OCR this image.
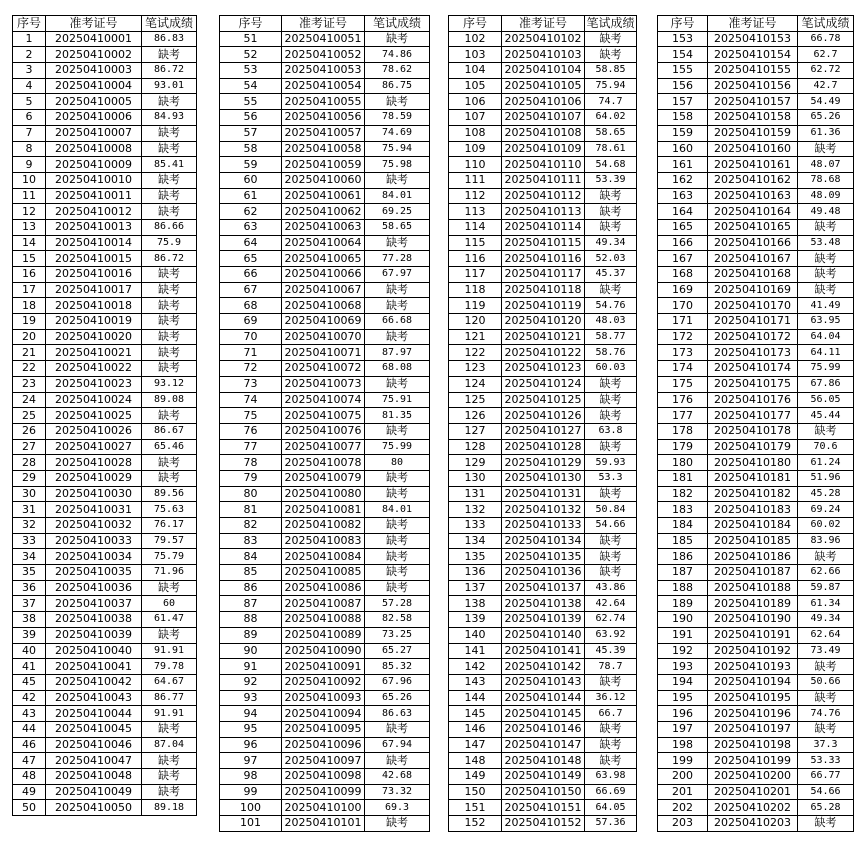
序号	准考证号	笔试成绩
1	20250410001	86.83
2	20250410002	缺考
3	20250410003	86.72
4	20250410004	93.01
5	20250410005	缺考
6	20250410006	84.93
7	20250410007	缺考
8	20250410008	缺考
9	20250410009	85.41
10	20250410010	缺考
11	20250410011	缺考
12	20250410012	缺考
13	20250410013	86.66
14	20250410014	75.9
15	20250410015	86.72
16	20250410016	缺考
17	20250410017	缺考
18	20250410018	缺考
19	20250410019	缺考
20	20250410020	缺考
21	20250410021	缺考
22	20250410022	缺考
23	20250410023	93.12
24	20250410024	89.08
25	20250410025	缺考
26	20250410026	86.67
27	20250410027	65.46
28	20250410028	缺考
29	20250410029	缺考
30	20250410030	89.56
31	20250410031	75.63
32	20250410032	76.17
33	20250410033	79.57
34	20250410034	75.79
35	20250410035	71.96
36	20250410036	缺考
37	20250410037	60
38	20250410038	61.47
39	20250410039	缺考
40	20250410040	91.91
41	20250410041	79.78
45	20250410042	64.67
42	20250410043	86.77
43	20250410044	91.91
44	20250410045	缺考
46	20250410046	87.04
47	20250410047	缺考
48	20250410048	缺考
49	20250410049	缺考
50	20250410050	89.18
序号	准考证号	笔试成绩
51	20250410051	缺考
52	20250410052	74.86
53	20250410053	78.62
54	20250410054	86.75
55	20250410055	缺考
56	20250410056	78.59
57	20250410057	74.69
58	20250410058	75.94
59	20250410059	75.98
60	20250410060	缺考
61	20250410061	84.01
62	20250410062	69.25
63	20250410063	58.65
64	20250410064	缺考
65	20250410065	77.28
66	20250410066	67.97
67	20250410067	缺考
68	20250410068	缺考
69	20250410069	66.68
70	20250410070	缺考
71	20250410071	87.97
72	20250410072	68.08
73	20250410073	缺考
74	20250410074	75.91
75	20250410075	81.35
76	20250410076	缺考
77	20250410077	75.99
78	20250410078	80
79	20250410079	缺考
80	20250410080	缺考
81	20250410081	84.01
82	20250410082	缺考
83	20250410083	缺考
84	20250410084	缺考
85	20250410085	缺考
86	20250410086	缺考
87	20250410087	57.28
88	20250410088	82.58
89	20250410089	73.25
90	20250410090	65.27
91	20250410091	85.32
92	20250410092	67.96
93	20250410093	65.26
94	20250410094	86.63
95	20250410095	缺考
96	20250410096	67.94
97	20250410097	缺考
98	20250410098	42.68
99	20250410099	73.32
100	20250410100	69.3
101	20250410101	缺考
序号	准考证号	笔试成绩
102	20250410102	缺考
103	20250410103	缺考
104	20250410104	58.85
105	20250410105	75.94
106	20250410106	74.7
107	20250410107	64.02
108	20250410108	58.65
109	20250410109	78.61
110	20250410110	54.68
111	20250410111	53.39
112	20250410112	缺考
113	20250410113	缺考
114	20250410114	缺考
115	20250410115	49.34
116	20250410116	52.03
117	20250410117	45.37
118	20250410118	缺考
119	20250410119	54.76
120	20250410120	48.03
121	20250410121	58.77
122	20250410122	58.76
123	20250410123	60.03
124	20250410124	缺考
125	20250410125	缺考
126	20250410126	缺考
127	20250410127	63.8
128	20250410128	缺考
129	20250410129	59.93
130	20250410130	53.3
131	20250410131	缺考
132	20250410132	50.84
133	20250410133	54.66
134	20250410134	缺考
135	20250410135	缺考
136	20250410136	缺考
137	20250410137	43.86
138	20250410138	42.64
139	20250410139	62.74
140	20250410140	63.92
141	20250410141	45.39
142	20250410142	78.7
143	20250410143	缺考
144	20250410144	36.12
145	20250410145	66.7
146	20250410146	缺考
147	20250410147	缺考
148	20250410148	缺考
149	20250410149	63.98
150	20250410150	66.69
151	20250410151	64.05
152	20250410152	57.36
序号	准考证号	笔试成绩
153	20250410153	66.78
154	20250410154	62.7
155	20250410155	62.72
156	20250410156	42.7
157	20250410157	54.49
158	20250410158	65.26
159	20250410159	61.36
160	20250410160	缺考
161	20250410161	48.07
162	20250410162	78.68
163	20250410163	48.09
164	20250410164	49.48
165	20250410165	缺考
166	20250410166	53.48
167	20250410167	缺考
168	20250410168	缺考
169	20250410169	缺考
170	20250410170	41.49
171	20250410171	63.95
172	20250410172	64.04
173	20250410173	64.11
174	20250410174	75.99
175	20250410175	67.86
176	20250410176	56.05
177	20250410177	45.44
178	20250410178	缺考
179	20250410179	70.6
180	20250410180	61.24
181	20250410181	51.96
182	20250410182	45.28
183	20250410183	69.24
184	20250410184	60.02
185	20250410185	83.96
186	20250410186	缺考
187	20250410187	62.66
188	20250410188	59.87
189	20250410189	61.34
190	20250410190	49.34
191	20250410191	62.64
192	20250410192	73.49
193	20250410193	缺考
194	20250410194	50.66
195	20250410195	缺考
196	20250410196	74.76
197	20250410197	缺考
198	20250410198	37.3
199	20250410199	53.33
200	20250410200	66.77
201	20250410201	54.66
202	20250410202	65.28
203	20250410203	缺考
